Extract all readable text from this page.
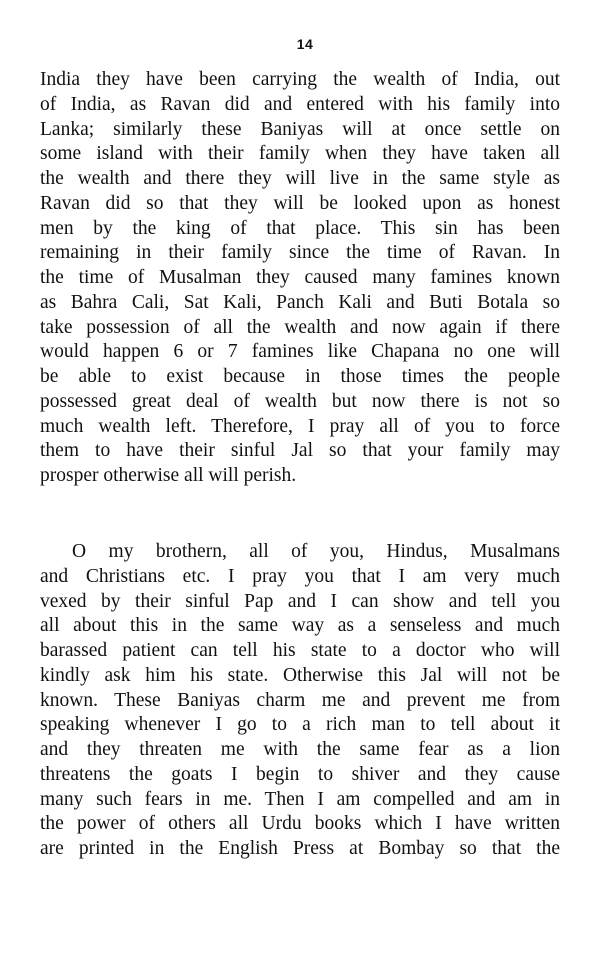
14
India they have been carrying the wealth of India, out
of India, as Ravan did and entered with his family into
Lanka; similarly these Baniyas will at once settle on
some island with their family when they have taken all
the wealth and there they will live in the same style as
Ravan did so that they will be looked upon as honest
men by the king of that place. This sin has been
remaining in their family since the time of Ravan. In
the time of Musalman they caused many famines known
as Bahra Cali, Sat Kali, Panch Kali and Buti Botala so
take possession of all the wealth and now again if there
would happen 6 or 7 famines like Chapana no one will
be able to exist because in those times the people
possessed great deal of wealth but now there is not so
much wealth left. Therefore, I pray all of you to force
them to have their sinful Jal so that your family may
prosper otherwise all will perish.
O my brothern, all of you, Hindus, Musalmans
and Christians etc. I pray you that I am very much
vexed by their sinful Pap and I can show and tell you
all about this in the same way as a senseless and much
barassed patient can tell his state to a doctor who will
kindly ask him his state. Otherwise this Jal will not be
known. These Baniyas charm me and prevent me from
speaking whenever I go to a rich man to tell about it
and they threaten me with the same fear as a lion
threatens the goats I begin to shiver and they cause
many such fears in me. Then I am compelled and am in
the power of others all Urdu books which I have written
are printed in the English Press at Bombay so that the
